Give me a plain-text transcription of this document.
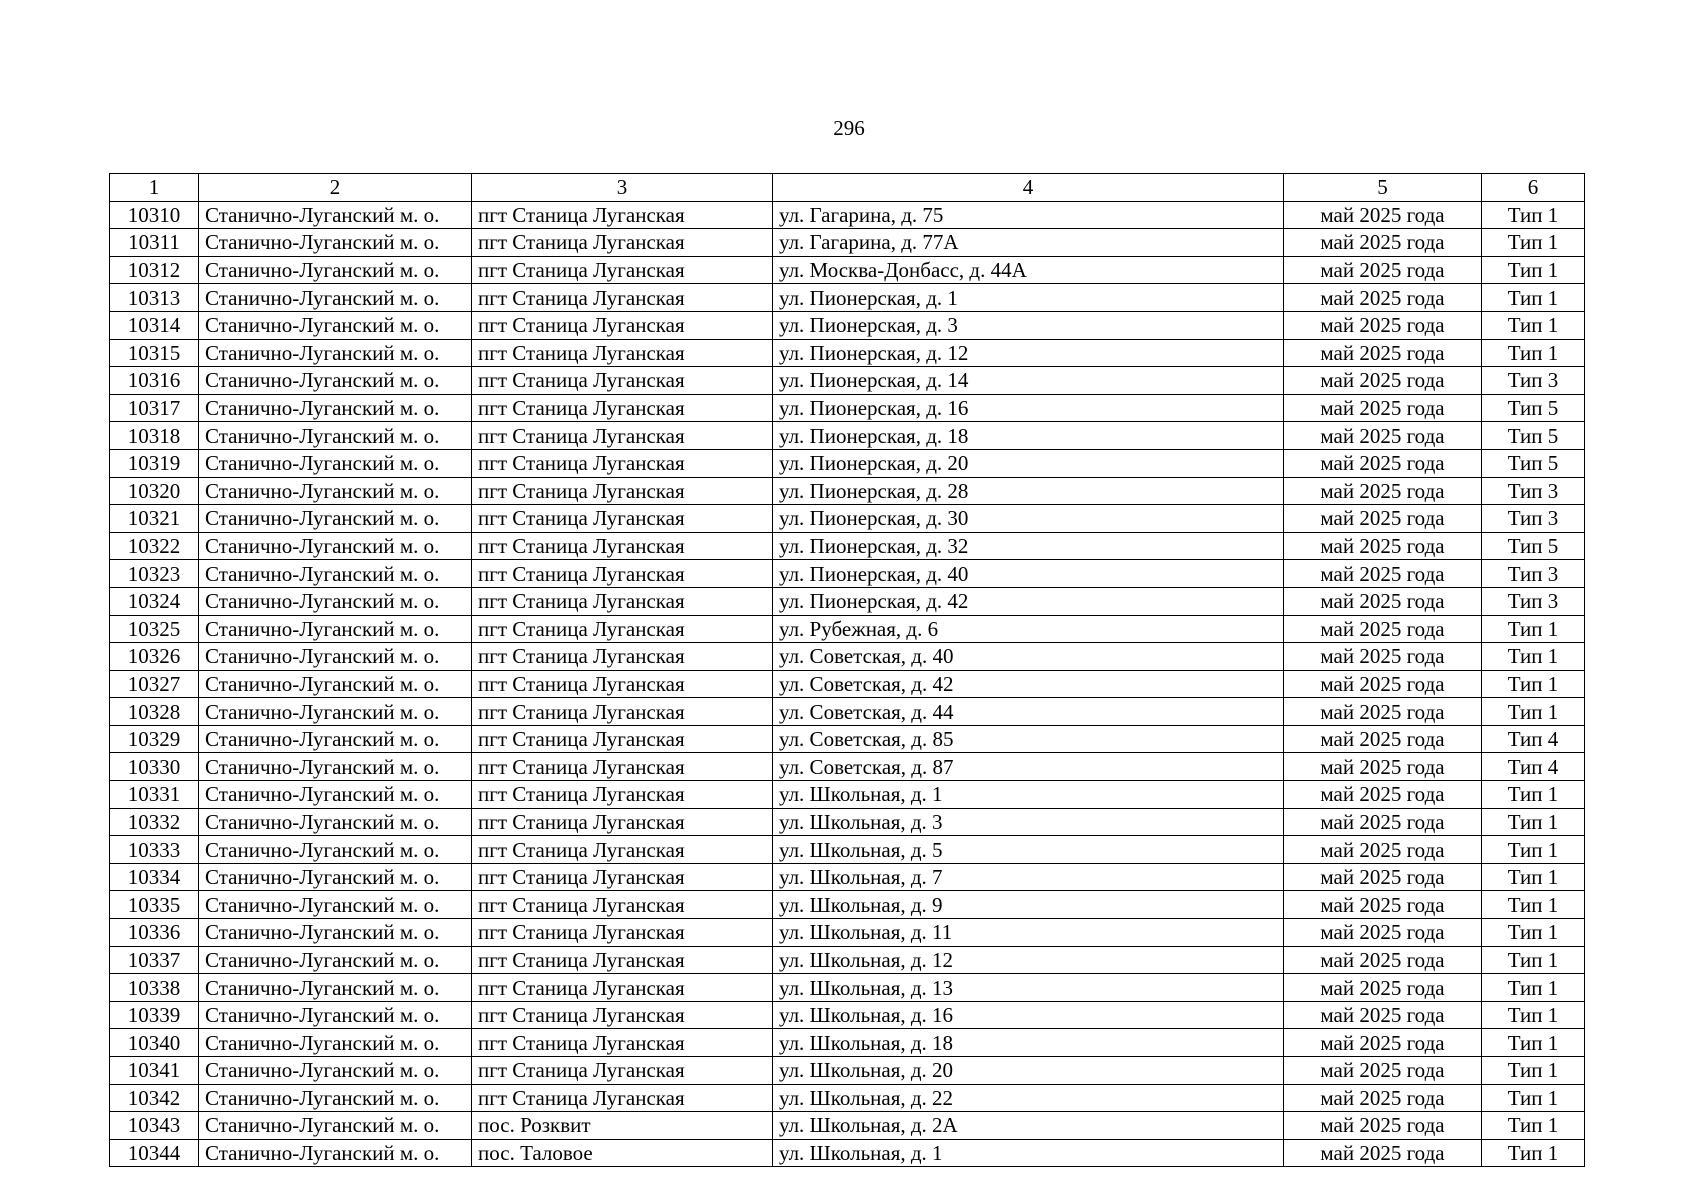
296
1	2	3	4	5	6
10310	Станично-Луганский м. о.	пгт Станица Луганская	ул. Гагарина, д. 75	май 2025 года	Тип 1
10311	Станично-Луганский м. о.	пгт Станица Луганская	ул. Гагарина, д. 77А	май 2025 года	Тип 1
10312	Станично-Луганский м. о.	пгт Станица Луганская	ул. Москва-Донбасс, д. 44А	май 2025 года	Тип 1
10313	Станично-Луганский м. о.	пгт Станица Луганская	ул. Пионерская, д. 1	май 2025 года	Тип 1
10314	Станично-Луганский м. о.	пгт Станица Луганская	ул. Пионерская, д. 3	май 2025 года	Тип 1
10315	Станично-Луганский м. о.	пгт Станица Луганская	ул. Пионерская, д. 12	май 2025 года	Тип 1
10316	Станично-Луганский м. о.	пгт Станица Луганская	ул. Пионерская, д. 14	май 2025 года	Тип 3
10317	Станично-Луганский м. о.	пгт Станица Луганская	ул. Пионерская, д. 16	май 2025 года	Тип 5
10318	Станично-Луганский м. о.	пгт Станица Луганская	ул. Пионерская, д. 18	май 2025 года	Тип 5
10319	Станично-Луганский м. о.	пгт Станица Луганская	ул. Пионерская, д. 20	май 2025 года	Тип 5
10320	Станично-Луганский м. о.	пгт Станица Луганская	ул. Пионерская, д. 28	май 2025 года	Тип 3
10321	Станично-Луганский м. о.	пгт Станица Луганская	ул. Пионерская, д. 30	май 2025 года	Тип 3
10322	Станично-Луганский м. о.	пгт Станица Луганская	ул. Пионерская, д. 32	май 2025 года	Тип 5
10323	Станично-Луганский м. о.	пгт Станица Луганская	ул. Пионерская, д. 40	май 2025 года	Тип 3
10324	Станично-Луганский м. о.	пгт Станица Луганская	ул. Пионерская, д. 42	май 2025 года	Тип 3
10325	Станично-Луганский м. о.	пгт Станица Луганская	ул. Рубежная, д. 6	май 2025 года	Тип 1
10326	Станично-Луганский м. о.	пгт Станица Луганская	ул. Советская, д. 40	май 2025 года	Тип 1
10327	Станично-Луганский м. о.	пгт Станица Луганская	ул. Советская, д. 42	май 2025 года	Тип 1
10328	Станично-Луганский м. о.	пгт Станица Луганская	ул. Советская, д. 44	май 2025 года	Тип 1
10329	Станично-Луганский м. о.	пгт Станица Луганская	ул. Советская, д. 85	май 2025 года	Тип 4
10330	Станично-Луганский м. о.	пгт Станица Луганская	ул. Советская, д. 87	май 2025 года	Тип 4
10331	Станично-Луганский м. о.	пгт Станица Луганская	ул. Школьная, д. 1	май 2025 года	Тип 1
10332	Станично-Луганский м. о.	пгт Станица Луганская	ул. Школьная, д. 3	май 2025 года	Тип 1
10333	Станично-Луганский м. о.	пгт Станица Луганская	ул. Школьная, д. 5	май 2025 года	Тип 1
10334	Станично-Луганский м. о.	пгт Станица Луганская	ул. Школьная, д. 7	май 2025 года	Тип 1
10335	Станично-Луганский м. о.	пгт Станица Луганская	ул. Школьная, д. 9	май 2025 года	Тип 1
10336	Станично-Луганский м. о.	пгт Станица Луганская	ул. Школьная, д. 11	май 2025 года	Тип 1
10337	Станично-Луганский м. о.	пгт Станица Луганская	ул. Школьная, д. 12	май 2025 года	Тип 1
10338	Станично-Луганский м. о.	пгт Станица Луганская	ул. Школьная, д. 13	май 2025 года	Тип 1
10339	Станично-Луганский м. о.	пгт Станица Луганская	ул. Школьная, д. 16	май 2025 года	Тип 1
10340	Станично-Луганский м. о.	пгт Станица Луганская	ул. Школьная, д. 18	май 2025 года	Тип 1
10341	Станично-Луганский м. о.	пгт Станица Луганская	ул. Школьная, д. 20	май 2025 года	Тип 1
10342	Станично-Луганский м. о.	пгт Станица Луганская	ул. Школьная, д. 22	май 2025 года	Тип 1
10343	Станично-Луганский м. о.	пос. Розквит	ул. Школьная, д. 2А	май 2025 года	Тип 1
10344	Станично-Луганский м. о.	пос. Таловое	ул. Школьная, д. 1	май 2025 года	Тип 1
